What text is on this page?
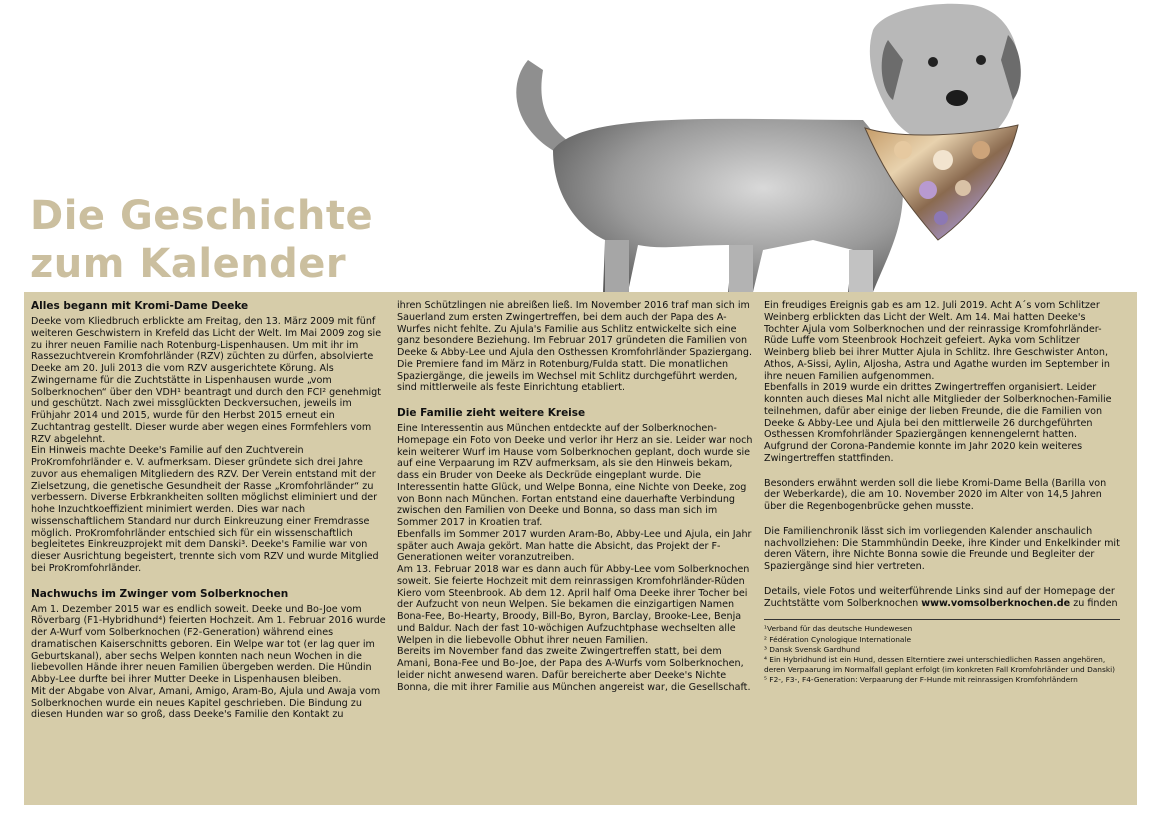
Die Geschichte
zum Kalender
Alles begann mit Kromi-Dame Deeke

Deeke vom Kliedbruch erblickte am Freitag, den 13. März 2009 mit fünf weiteren Geschwistern in Krefeld das Licht der Welt. Im Mai 2009 zog sie zu ihrer neuen Familie nach Rotenburg-Lispenhausen. Um mit ihr im Rassezuchtverein Kromfohrländer (RZV) züchten zu dürfen, absolvierte Deeke am 20. Juli 2013 die vom RZV ausgerichtete Körung. Als Zwingername für die Zuchtstätte in Lispenhausen wurde „vom Solberknochen“ über den VDH¹ beantragt und durch den FCI² genehmigt und geschützt. Nach zwei missglückten Deckversuchen, jeweils im Frühjahr 2014 und 2015, wurde für den Herbst 2015 erneut ein Zuchtantrag gestellt. Dieser wurde aber wegen eines Formfehlers vom RZV abgelehnt.

Ein Hinweis machte Deeke's Familie auf den Zuchtverein ProKromfohrländer e. V. aufmerksam. Dieser gründete sich drei Jahre zuvor aus ehemaligen Mitgliedern des RZV. Der Verein entstand mit der Zielsetzung, die genetische Gesundheit der Rasse „Kromfohrländer“ zu verbessern. Diverse Erbkrankheiten sollten möglichst eliminiert und der hohe Inzuchtkoeffizient minimiert werden. Dies war nach wissenschaftlichem Standard nur durch Einkreuzung einer Fremdrasse möglich. ProKromfohrländer entschied sich für ein wissenschaftlich begleitetes Einkreuzprojekt mit dem Danski³. Deeke's Familie war von dieser Ausrichtung begeistert, trennte sich vom RZV und wurde Mitglied bei ProKromfohrländer.

Nachwuchs im Zwinger vom Solberknochen

Am 1. Dezember 2015 war es endlich soweit. Deeke und Bo-Joe vom Röverbarg (F1-Hybridhund⁴) feierten Hochzeit. Am 1. Februar 2016 wurde der A-Wurf vom Solberknochen (F2-Generation) während eines dramatischen Kaiserschnitts geboren. Ein Welpe war tot (er lag quer im Geburtskanal), aber sechs Welpen konnten nach neun Wochen in die liebevollen Hände ihrer neuen Familien übergeben werden. Die Hündin Abby-Lee durfte bei ihrer Mutter Deeke in Lispenhausen bleiben.

Mit der Abgabe von Alvar, Amani, Amigo, Aram-Bo, Ajula und Awaja vom Solberknochen wurde ein neues Kapitel geschrieben. Die Bindung zu diesen Hunden war so groß, dass Deeke's Familie den Kontakt zu

ihren Schützlingen nie abreißen ließ. Im November 2016 traf man sich im Sauerland zum ersten Zwingertreffen, bei dem auch der Papa des A-Wurfes nicht fehlte. Zu Ajula's Familie aus Schlitz entwickelte sich eine ganz besondere Beziehung. Im Februar 2017 gründeten die Familien von Deeke & Abby-Lee und Ajula den Osthessen Kromfohrländer Spaziergang. Die Premiere fand im März in Rotenburg/Fulda statt. Die monatlichen Spaziergänge, die jeweils im Wechsel mit Schlitz durchgeführt werden, sind mittlerweile als feste Einrichtung etabliert.

Die Familie zieht weitere Kreise

Eine Interessentin aus München entdeckte auf der Solberknochen-Homepage ein Foto von Deeke und verlor ihr Herz an sie. Leider war noch kein weiterer Wurf im Hause vom Solberknochen geplant, doch wurde sie auf eine Verpaarung im RZV aufmerksam, als sie den Hinweis bekam, dass ein Bruder von Deeke als Deckrüde eingeplant wurde. Die Interessentin hatte Glück, und Welpe Bonna, eine Nichte von Deeke, zog von Bonn nach München. Fortan entstand eine dauerhafte Verbindung zwischen den Familien von Deeke und Bonna, so dass man sich im Sommer 2017 in Kroatien traf.

Ebenfalls im Sommer 2017 wurden Aram-Bo, Abby-Lee und Ajula, ein Jahr später auch Awaja gekört. Man hatte die Absicht, das Projekt der F-Generationen weiter voranzutreiben.

Am 13. Februar 2018 war es dann auch für Abby-Lee vom Solberknochen soweit. Sie feierte Hochzeit mit dem reinrassigen Kromfohrländer-Rüden Kiero vom Steenbrook. Ab dem 12. April half Oma Deeke ihrer Tocher bei der Aufzucht von neun Welpen. Sie bekamen die einzigartigen Namen Bona-Fee, Bo-Hearty, Broody, Bill-Bo, Byron, Barclay, Brooke-Lee, Benja und Baldur. Nach der fast 10-wöchigen Aufzuchtphase wechselten alle Welpen in die liebevolle Obhut ihrer neuen Familien.

Bereits im November fand das zweite Zwingertreffen statt, bei dem Amani, Bona-Fee und Bo-Joe, der Papa des A-Wurfs vom Solberknochen, leider nicht anwesend waren. Dafür bereicherte aber Deeke's Nichte Bonna, die mit ihrer Familie aus München angereist war, die Gesellschaft.

Ein freudiges Ereignis gab es am 12. Juli 2019. Acht A´s vom Schlitzer Weinberg erblickten das Licht der Welt. Am 14. Mai hatten Deeke's Tochter Ajula vom Solberknochen und der reinrassige Kromfohrländer-Rüde Luffe vom Steenbrook Hochzeit gefeiert. Ayka vom Schlitzer Weinberg blieb bei ihrer Mutter Ajula in Schlitz. Ihre Geschwister Anton, Athos, A-Sissi, Aylin, Aljosha, Astra und Agathe wurden im September in ihre neuen Familien aufgenommen.

Ebenfalls in 2019 wurde ein drittes Zwingertreffen organisiert. Leider konnten auch dieses Mal nicht alle Mitglieder der Solberknochen-Familie teilnehmen, dafür aber einige der lieben Freunde, die die Familien von Deeke & Abby-Lee und Ajula bei den mittlerweile 26 durchgeführten Osthessen Kromfohrländer Spaziergängen kennengelernt hatten. Aufgrund der Corona-Pandemie konnte im Jahr 2020 kein weiteres Zwingertreffen stattfinden.

Besonders erwähnt werden soll die liebe Kromi-Dame Bella (Barilla von der Weberkarde), die am 10. November 2020 im Alter von 14,5 Jahren über die Regenbogenbrücke gehen musste.

Die Familienchronik lässt sich im vorliegenden Kalender anschaulich nachvollziehen: Die Stammhündin Deeke, ihre Kinder und Enkelkinder mit deren Vätern, ihre Nichte Bonna sowie die Freunde und Begleiter der Spaziergänge sind hier vertreten.

Details, viele Fotos und weiterführende Links sind auf der Homepage der Zuchtstätte vom Solberknochen www.vomsolberknochen.de zu finden

¹Verband für das deutsche Hundewesen

² Fédération Cynologique Internationale

³ Dansk Svensk Gardhund

⁴ Ein Hybridhund ist ein Hund, dessen Elterntiere zwei unterschiedlichen Rassen angehören, deren Verpaarung im Normalfall geplant erfolgt (im konkreten Fall Kromfohrländer und Danski)

⁵ F2-, F3-, F4-Generation: Verpaarung der F-Hunde mit reinrassigen Kromfohrländern
